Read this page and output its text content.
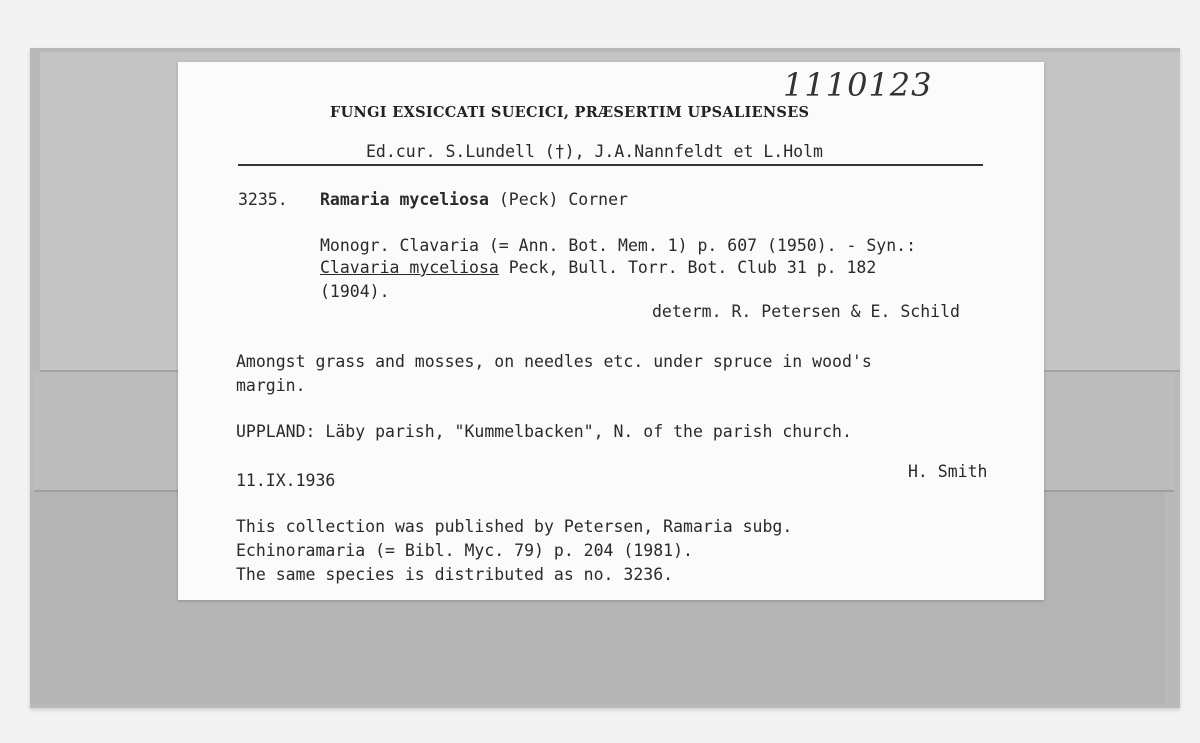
1110123
FUNGI EXSICCATI SUECICI, PRÆSERTIM UPSALIENSES
Ed.cur. S.Lundell (†), J.A.Nannfeldt et L.Holm
3235. Ramaria myceliosa (Peck) Corner
Monogr. Clavaria (= Ann. Bot. Mem. 1) p. 607 (1950). - Syn.:
Clavaria myceliosa Peck, Bull. Torr. Bot. Club 31 p. 182
(1904).
determ. R. Petersen & E. Schild
Amongst grass and mosses, on needles etc. under spruce in wood's
margin.
UPPLAND: Läby parish, "Kummelbacken", N. of the parish church.
11.IX.1936	H. Smith
This collection was published by Petersen, Ramaria subg.
Echinoramaria (= Bibl. Myc. 79) p. 204 (1981).
The same species is distributed as no. 3236.
